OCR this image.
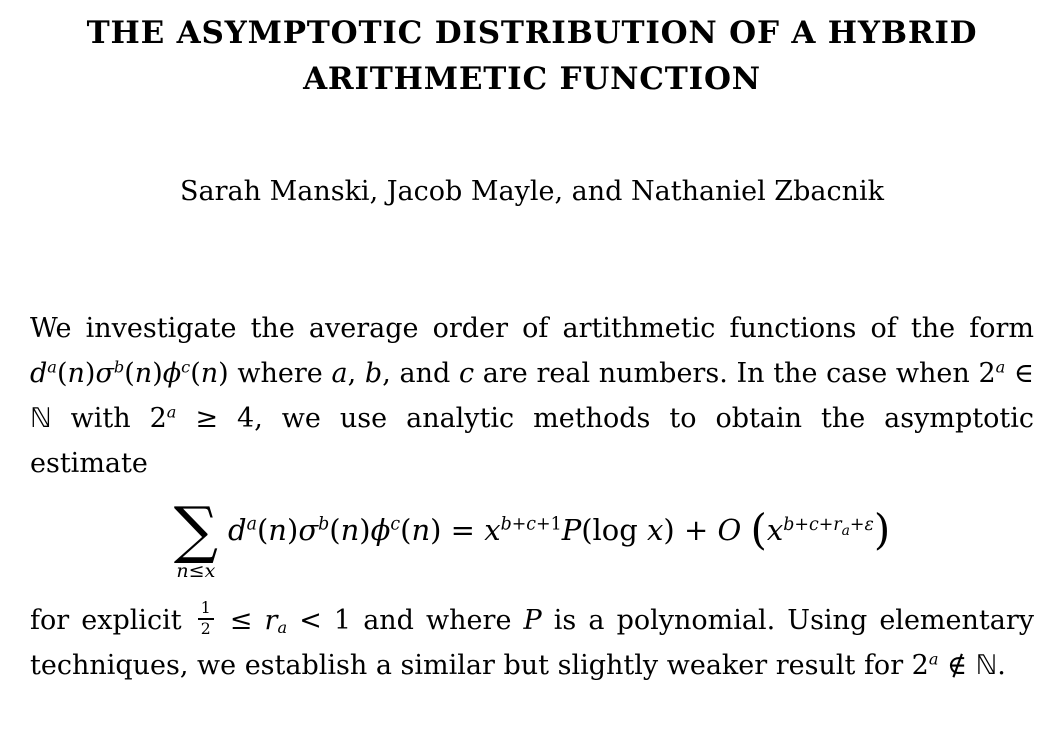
THE ASYMPTOTIC DISTRIBUTION OF A HYBRID
ARITHMETIC FUNCTION
Sarah Manski, Jacob Mayle, and Nathaniel Zbacnik
We investigate the average order of artithmetic functions of the form $d^a(n)\sigma^b(n)\phi^c(n)$ where a, b, and c are real numbers. In the case when 2$^a$ ∈ ℕ with $2^a \ge 4$, we use analytic methods to obtain the asymptotic estimate
∑
n≤x
$d^a(n)\sigma^b(n)\phi^c(n) = x^{b+c+1}P(\log$ x) + O $(x^{b+c+r_a+\varepsilon})$
for explicit $\frac{1}{2} \le r_a < 1$ and where P is a polynomial. Using elementary techniques, we establish a similar but slightly weaker result for 2$^a$ ∉ ℕ.
